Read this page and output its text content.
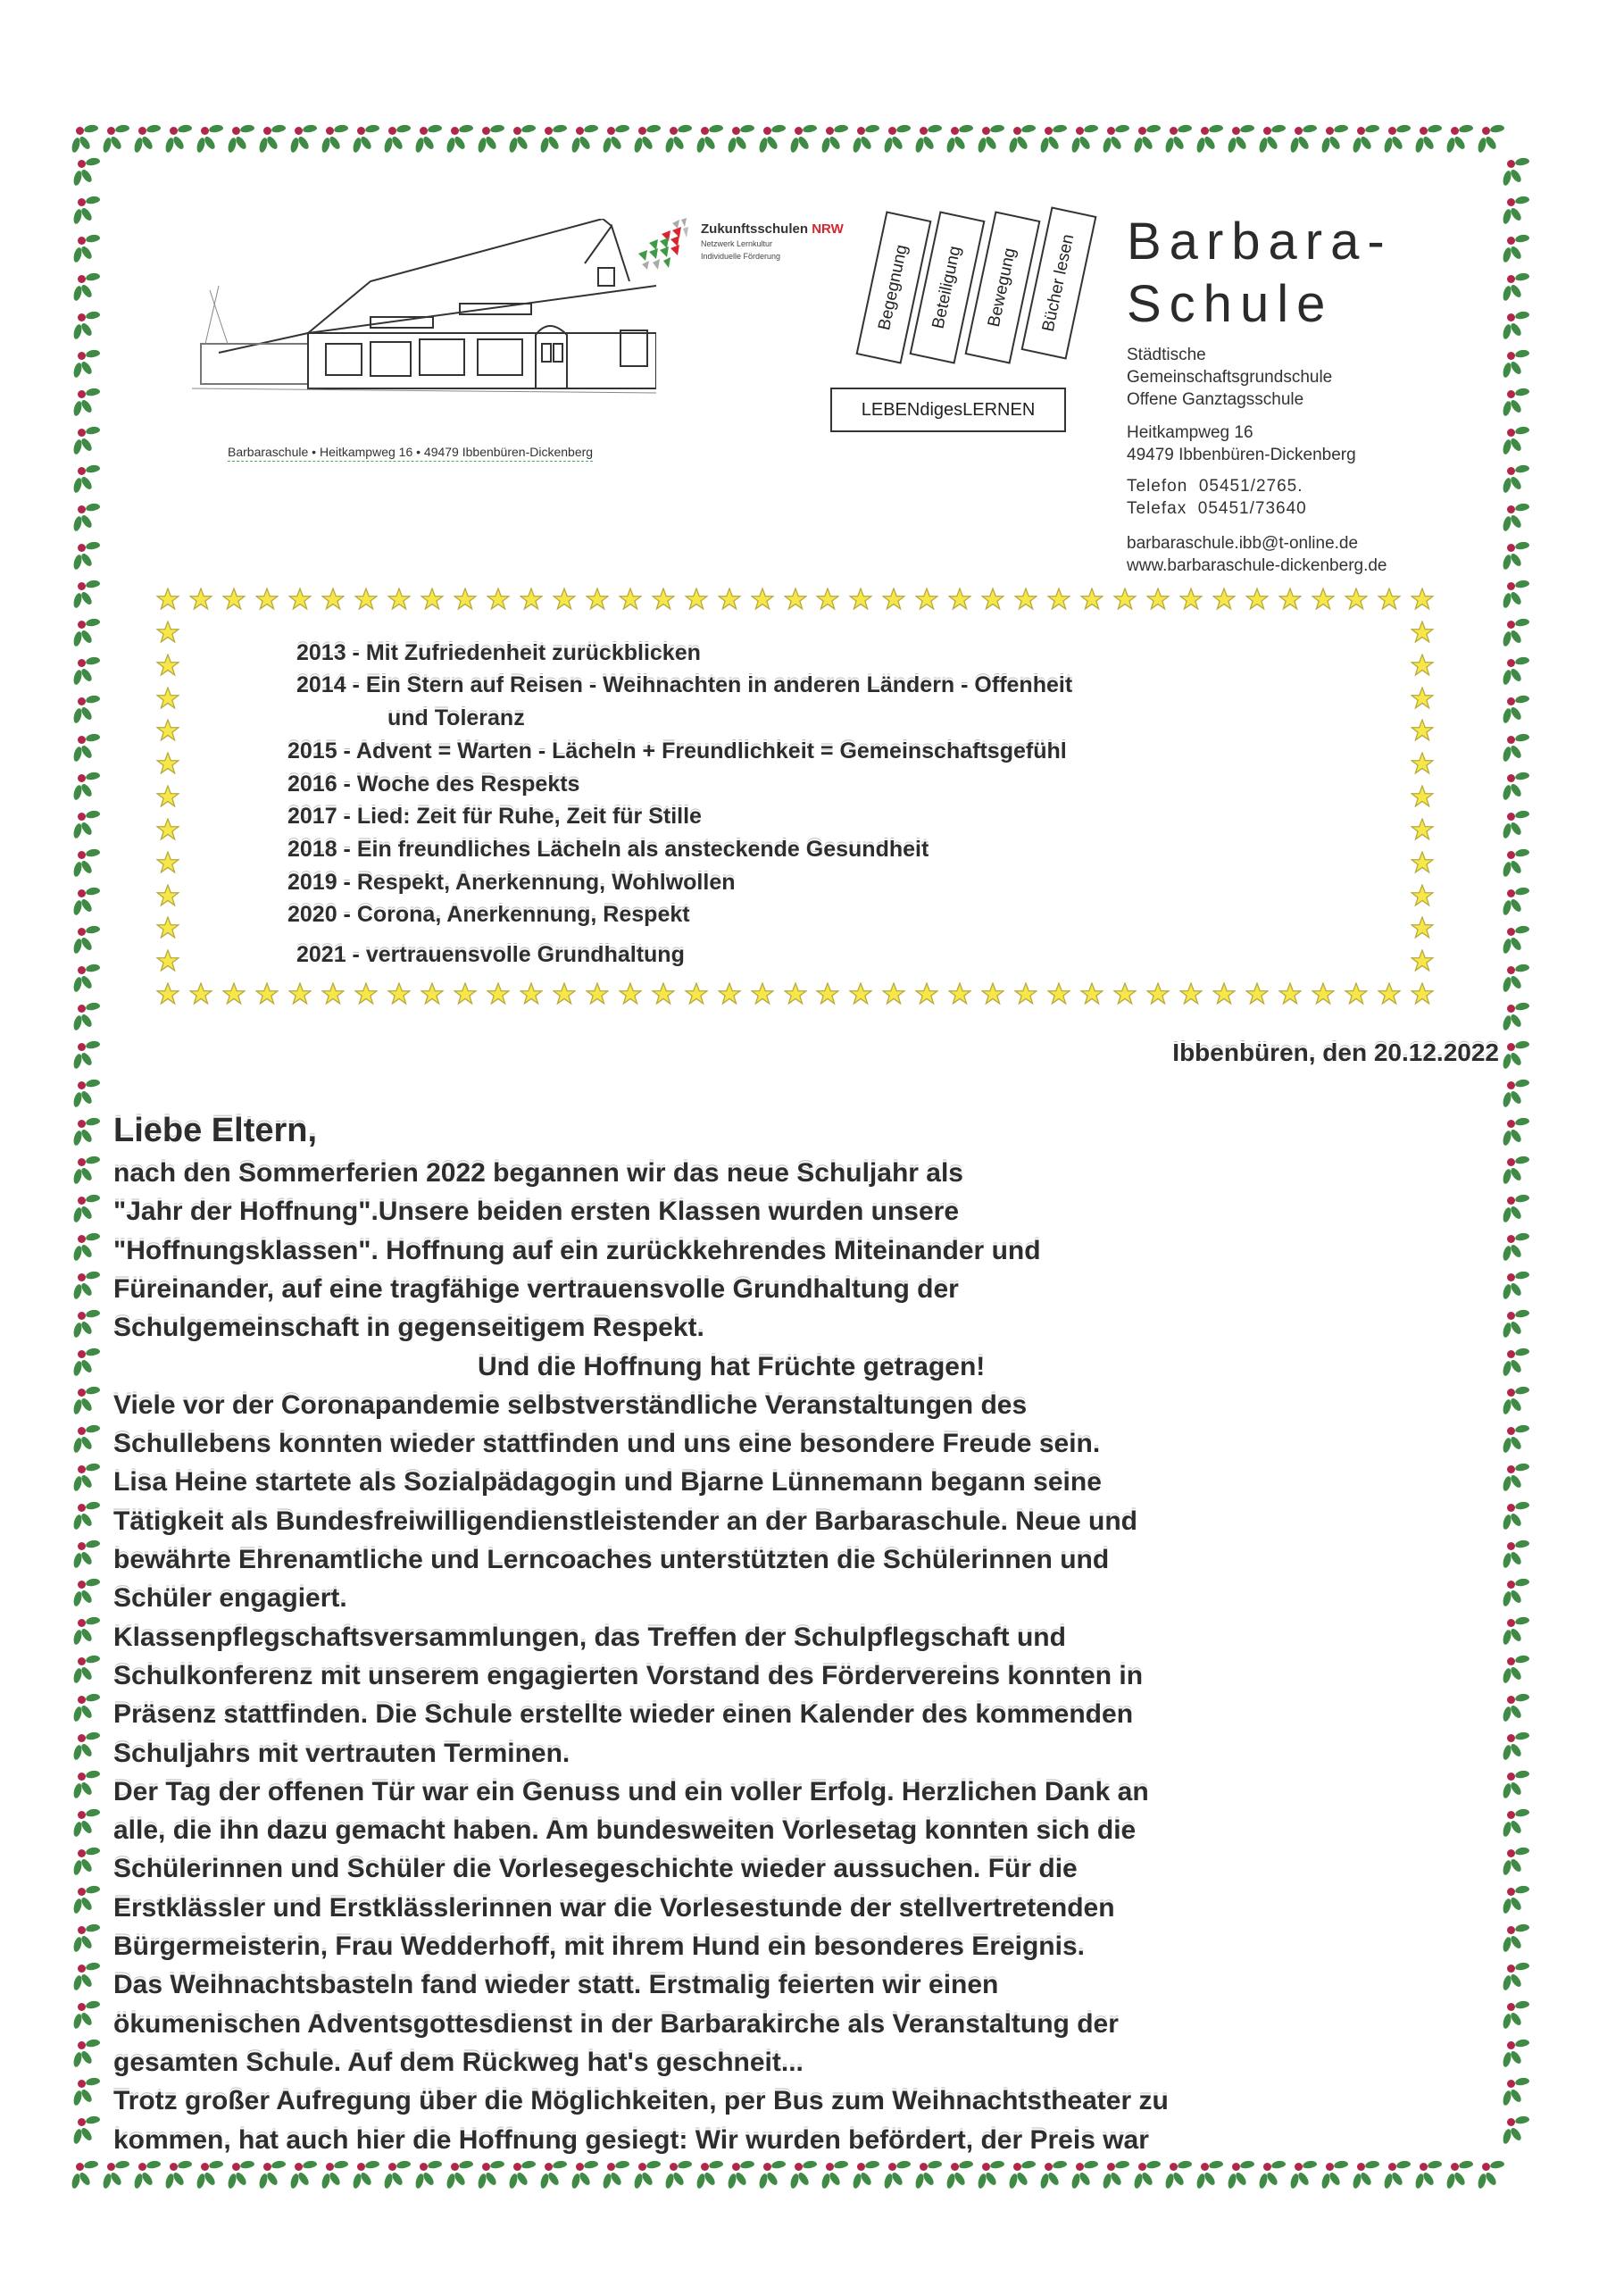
Zukunftsschulen NRW
Netzwerk Lernkultur
Individuelle Förderung
Barbaraschule • Heitkampweg 16 • 49479 Ibbenbüren-Dickenberg
Begegnung Beteiligung Bewegung Bücher lesen
LEBENdigesLERNEN
Barbara-
Schule
Städtische
Gemeinschaftsgrundschule
Offene Ganztagsschule
Heitkampweg 16
49479 Ibbenbüren-Dickenberg
Telefon 05451/2765.
Telefax 05451/73640
barbaraschule.ibb@t-online.de
www.barbaraschule-dickenberg.de
2013 - Mit Zufriedenheit zurückblicken
2014 - Ein Stern auf Reisen - Weihnachten in anderen Ländern - Offenheit
und Toleranz
2015 - Advent = Warten - Lächeln + Freundlichkeit = Gemeinschaftsgefühl
2016 - Woche des Respekts
2017 - Lied: Zeit für Ruhe, Zeit für Stille
2018 - Ein freundliches Lächeln als ansteckende Gesundheit
2019 - Respekt, Anerkennung, Wohlwollen
2020 - Corona, Anerkennung, Respekt
2021 - vertrauensvolle Grundhaltung
Ibbenbüren, den 20.12.2022
Liebe Eltern,
nach den Sommerferien 2022 begannen wir das neue Schuljahr als
"Jahr der Hoffnung".Unsere beiden ersten Klassen wurden unsere
"Hoffnungsklassen". Hoffnung auf ein zurückkehrendes Miteinander und
Füreinander, auf eine tragfähige vertrauensvolle Grundhaltung der
Schulgemeinschaft in gegenseitigem Respekt.
Und die Hoffnung hat Früchte getragen!
Viele vor der Coronapandemie selbstverständliche Veranstaltungen des
Schullebens konnten wieder stattfinden und uns eine besondere Freude sein.
Lisa Heine startete als Sozialpädagogin und Bjarne Lünnemann begann seine
Tätigkeit als Bundesfreiwilligendienstleistender an der Barbaraschule. Neue und
bewährte Ehrenamtliche und Lerncoaches unterstützten die Schülerinnen und
Schüler engagiert.
Klassenpflegschaftsversammlungen, das Treffen der Schulpflegschaft und
Schulkonferenz mit unserem engagierten Vorstand des Fördervereins konnten in
Präsenz stattfinden. Die Schule erstellte wieder einen Kalender des kommenden
Schuljahrs mit vertrauten Terminen.
Der Tag der offenen Tür war ein Genuss und ein voller Erfolg. Herzlichen Dank an
alle, die ihn dazu gemacht haben. Am bundesweiten Vorlesetag konnten sich die
Schülerinnen und Schüler die Vorlesegeschichte wieder aussuchen. Für die
Erstklässler und Erstklässlerinnen war die Vorlesestunde der stellvertretenden
Bürgermeisterin, Frau Wedderhoff, mit ihrem Hund ein besonderes Ereignis.
Das Weihnachtsbasteln fand wieder statt. Erstmalig feierten wir einen
ökumenischen Adventsgottesdienst in der Barbarakirche als Veranstaltung der
gesamten Schule. Auf dem Rückweg hat's geschneit...
Trotz großer Aufregung über die Möglichkeiten, per Bus zum Weihnachtstheater zu
kommen, hat auch hier die Hoffnung gesiegt: Wir wurden befördert, der Preis war
